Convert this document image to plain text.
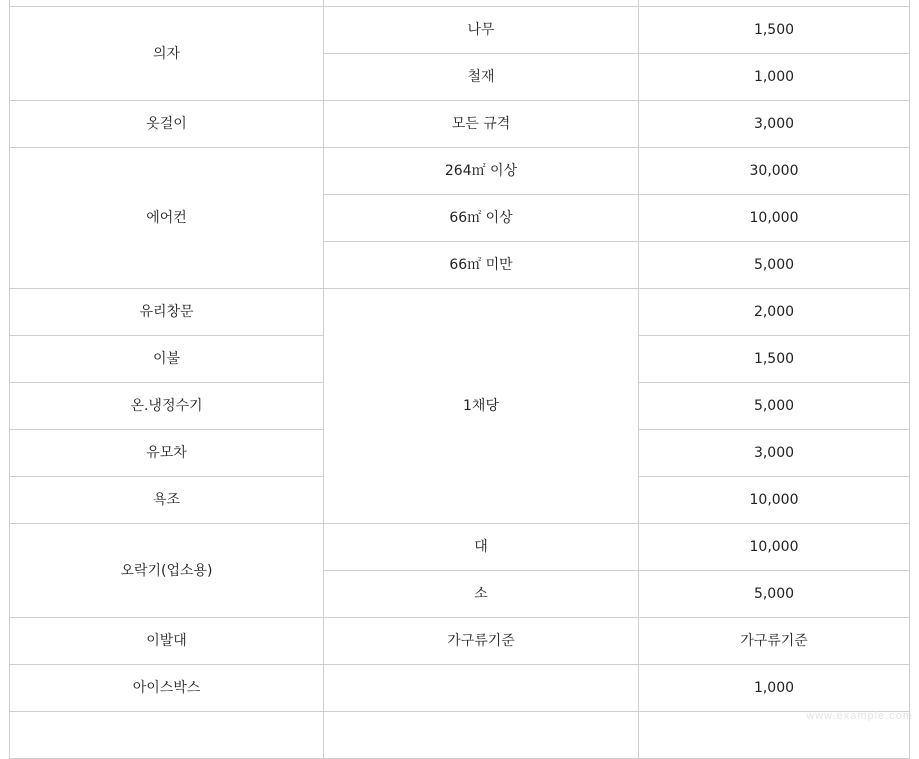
의자	나무	1,500
	철재	1,000
옷걸이	모든 규격	3,000
에어컨	264㎡ 이상	30,000
	66㎡ 이상	10,000
	66㎡ 미만	5,000
유리창문	1채당	2,000
이불		1,500
온.냉정수기		5,000
유모차		3,000
욕조		10,000
오락기(업소용)	대	10,000
	소	5,000
이발대	가구류기준	가구류기준
아이스박스		1,000

www.example.com
